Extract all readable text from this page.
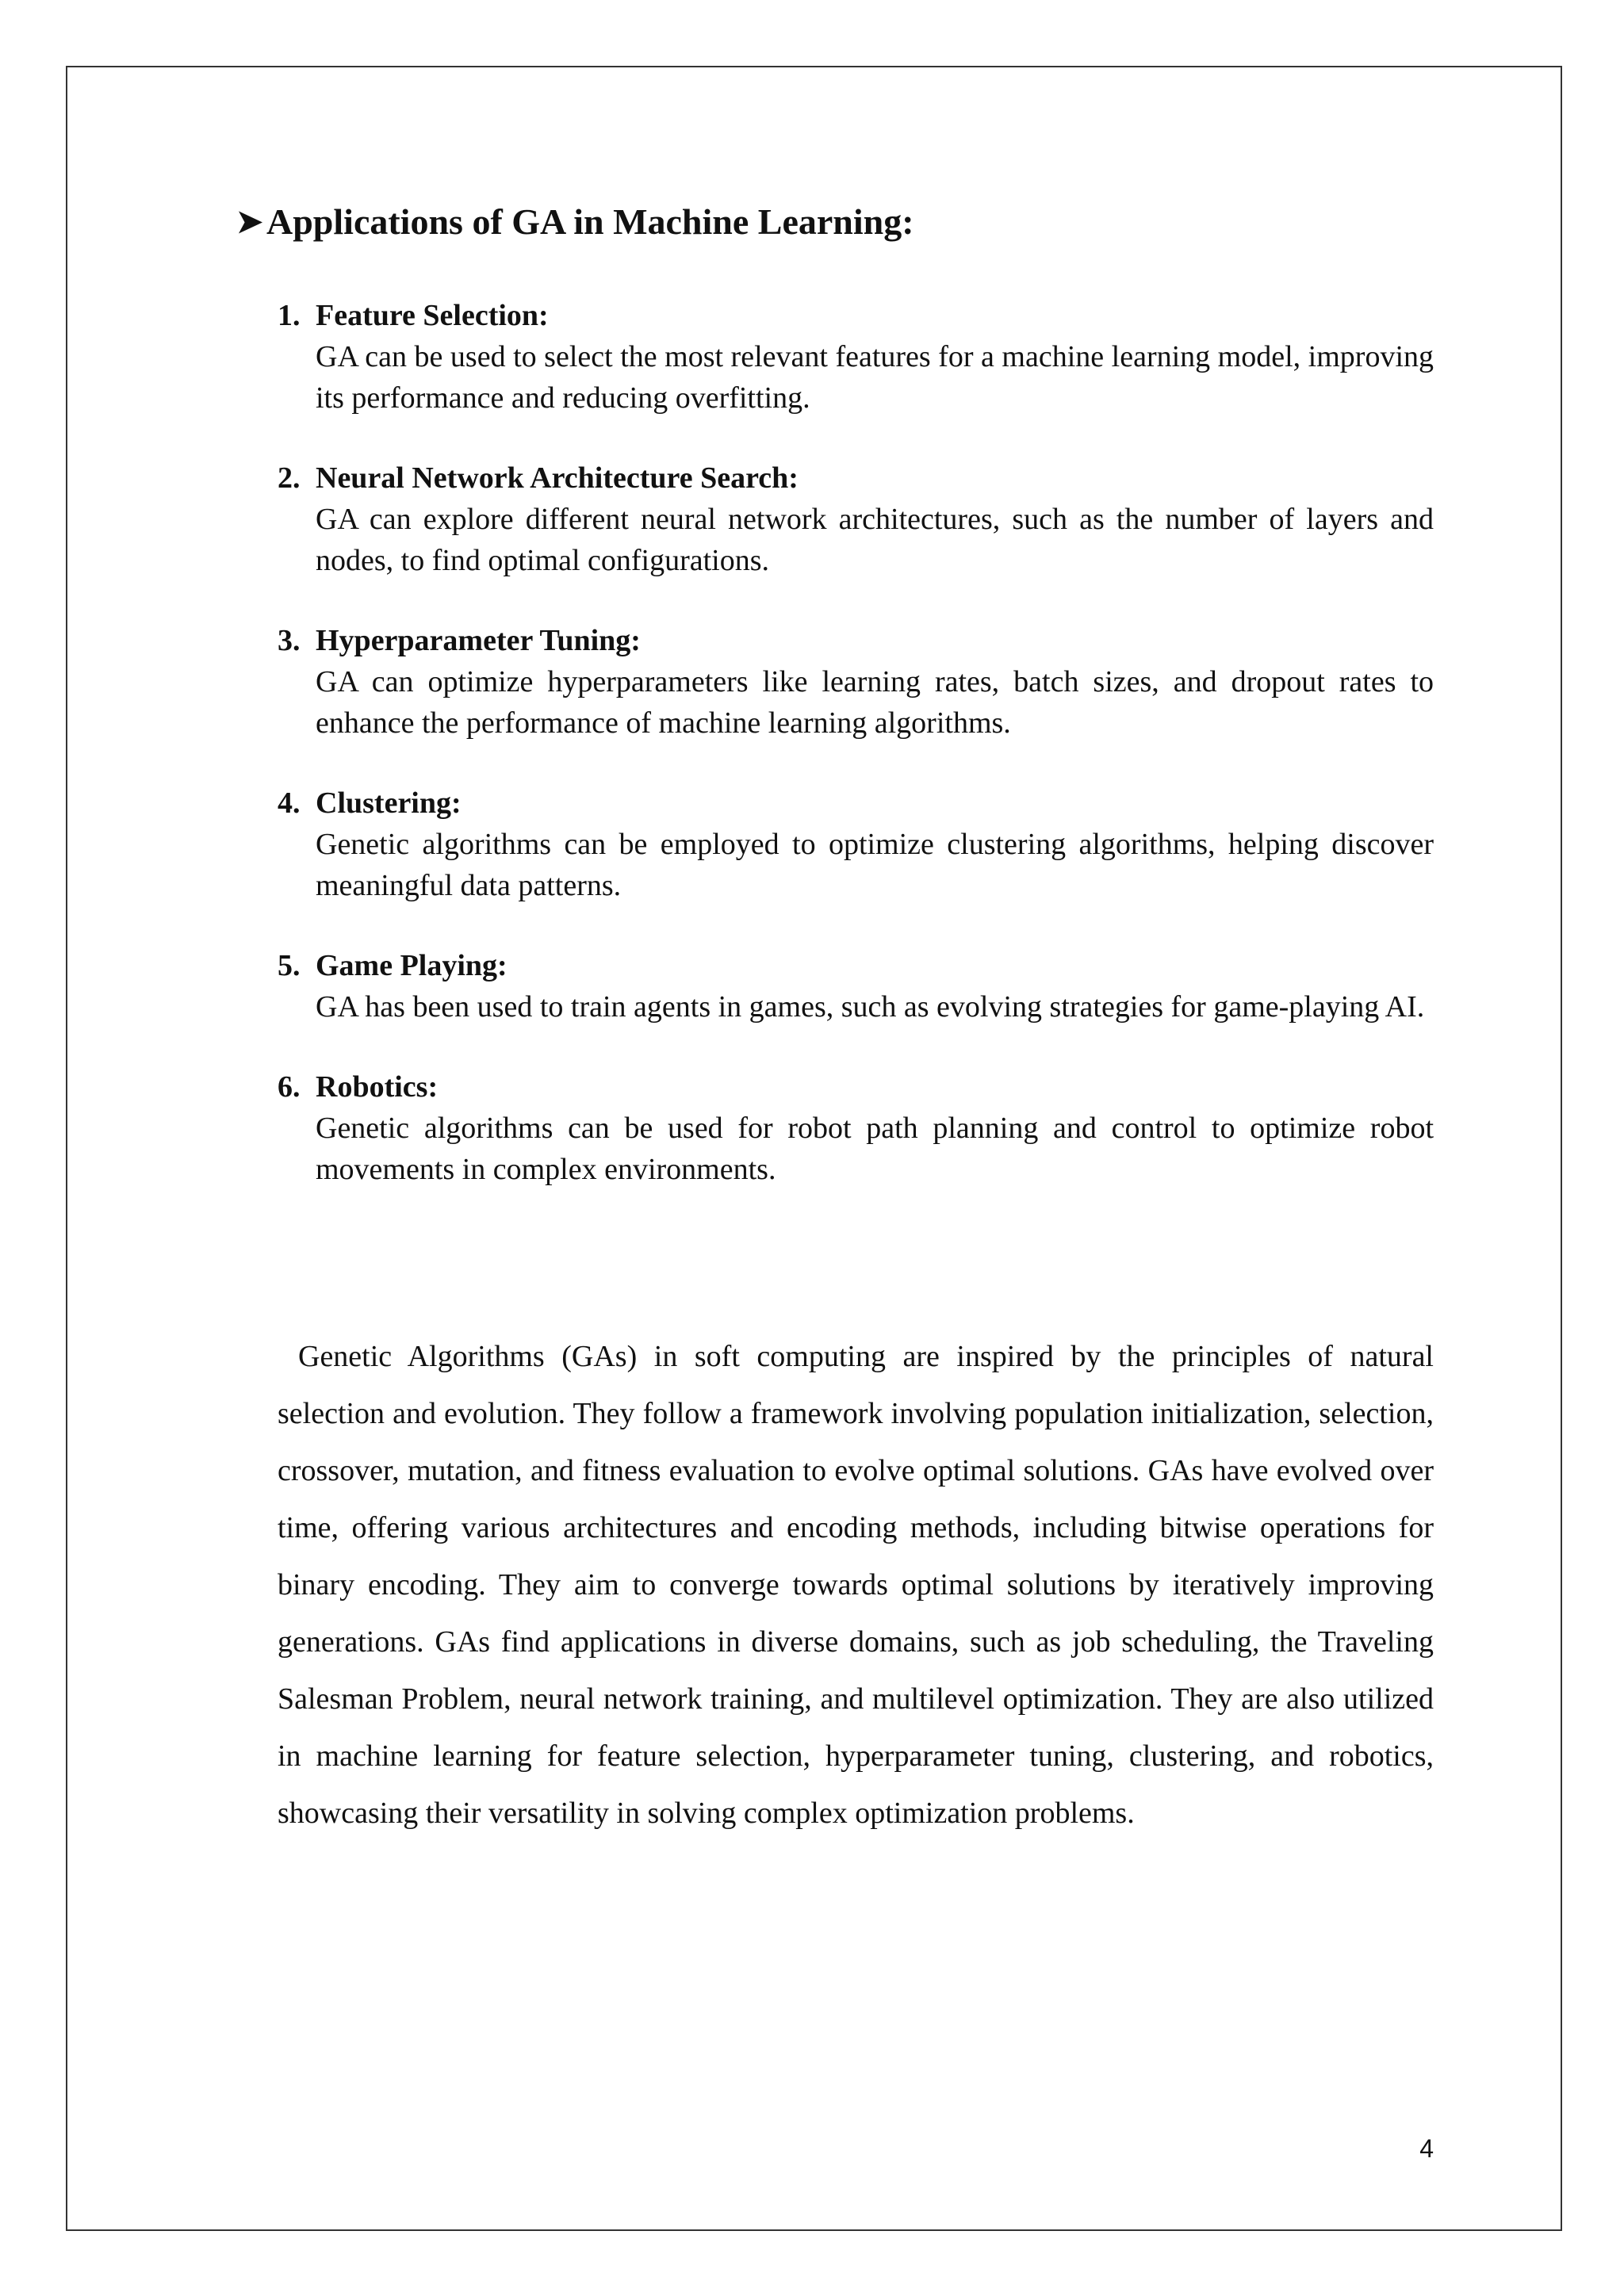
➤Applications of GA in Machine Learning:
1. Feature Selection:
GA can be used to select the most relevant features for a machine learning model, improving its performance and reducing overfitting.
2. Neural Network Architecture Search:
GA can explore different neural network architectures, such as the number of layers and nodes, to find optimal configurations.
3. Hyperparameter Tuning:
GA can optimize hyperparameters like learning rates, batch sizes, and dropout rates to enhance the performance of machine learning algorithms.
4. Clustering:
Genetic algorithms can be employed to optimize clustering algorithms, helping discover meaningful data patterns.
5. Game Playing:
GA has been used to train agents in games, such as evolving strategies for game-playing AI.
6. Robotics:
Genetic algorithms can be used for robot path planning and control to optimize robot movements in complex environments.

Genetic Algorithms (GAs) in soft computing are inspired by the principles of natural selection and evolution. They follow a framework involving population initialization, selection, crossover, mutation, and fitness evaluation to evolve optimal solutions. GAs have evolved over time, offering various architectures and encoding methods, including bitwise operations for binary encoding. They aim to converge towards optimal solutions by iteratively improving generations. GAs find applications in diverse domains, such as job scheduling, the Traveling Salesman Problem, neural network training, and multilevel optimization. They are also utilized in machine learning for feature selection, hyperparameter tuning, clustering, and robotics, showcasing their versatility in solving complex optimization problems.

4
